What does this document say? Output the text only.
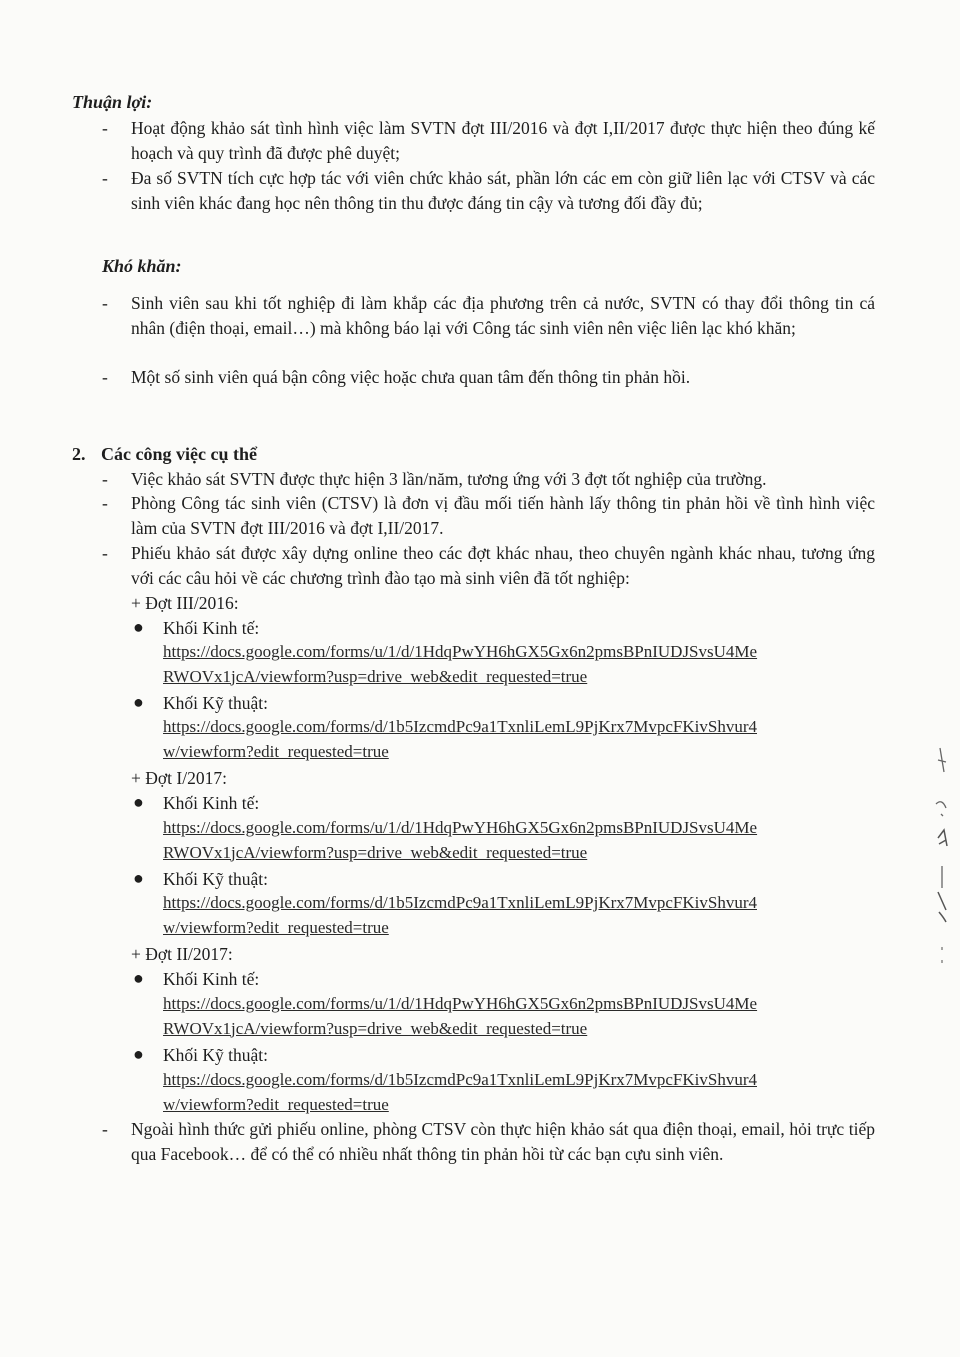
Thuận lợi:
- Hoạt động khảo sát tình hình việc làm SVTN đợt III/2016 và đợt I,II/2017 được thực hiện theo đúng kế hoạch và quy trình đã được phê duyệt;
- Đa số SVTN tích cực hợp tác với viên chức khảo sát, phần lớn các em còn giữ liên lạc với CTSV và các sinh viên khác đang học nên thông tin thu được đáng tin cậy và tương đối đầy đủ;
Khó khăn:
- Sinh viên sau khi tốt nghiệp đi làm khắp các địa phương trên cả nước, SVTN có thay đổi thông tin cá nhân (điện thoại, email…) mà không báo lại với Công tác sinh viên nên việc liên lạc khó khăn;
- Một số sinh viên quá bận công việc hoặc chưa quan tâm đến thông tin phản hồi.
2. Các công việc cụ thể
- Việc khảo sát SVTN được thực hiện 3 lần/năm, tương ứng với 3 đợt tốt nghiệp của trường.
- Phòng Công tác sinh viên (CTSV) là đơn vị đầu mối tiến hành lấy thông tin phản hồi về tình hình việc làm của SVTN đợt III/2016 và đợt I,II/2017.
- Phiếu khảo sát được xây dựng online theo các đợt khác nhau, theo chuyên ngành khác nhau, tương ứng với các câu hỏi về các chương trình đào tạo mà sinh viên đã tốt nghiệp:
+ Đợt III/2016:
● Khối Kinh tế:
https://docs.google.com/forms/u/1/d/1HdqPwYH6hGX5Gx6n2pmsBPnIUDJSvsU4Me
RWOVx1jcA/viewform?usp=drive_web&edit_requested=true
● Khối Kỹ thuật:
https://docs.google.com/forms/d/1b5IzcmdPc9a1TxnliLemL9PjKrx7MvpcFKivShvur4
w/viewform?edit_requested=true
+ Đợt I/2017:
● Khối Kinh tế:
https://docs.google.com/forms/u/1/d/1HdqPwYH6hGX5Gx6n2pmsBPnIUDJSvsU4Me
RWOVx1jcA/viewform?usp=drive_web&edit_requested=true
● Khối Kỹ thuật:
https://docs.google.com/forms/d/1b5IzcmdPc9a1TxnliLemL9PjKrx7MvpcFKivShvur4
w/viewform?edit_requested=true
+ Đợt II/2017:
● Khối Kinh tế:
https://docs.google.com/forms/u/1/d/1HdqPwYH6hGX5Gx6n2pmsBPnIUDJSvsU4Me
RWOVx1jcA/viewform?usp=drive_web&edit_requested=true
● Khối Kỹ thuật:
https://docs.google.com/forms/d/1b5IzcmdPc9a1TxnliLemL9PjKrx7MvpcFKivShvur4
w/viewform?edit_requested=true
- Ngoài hình thức gửi phiếu online, phòng CTSV còn thực hiện khảo sát qua điện thoại, email, hỏi trực tiếp qua Facebook… để có thể có nhiều nhất thông tin phản hồi từ các bạn cựu sinh viên.
